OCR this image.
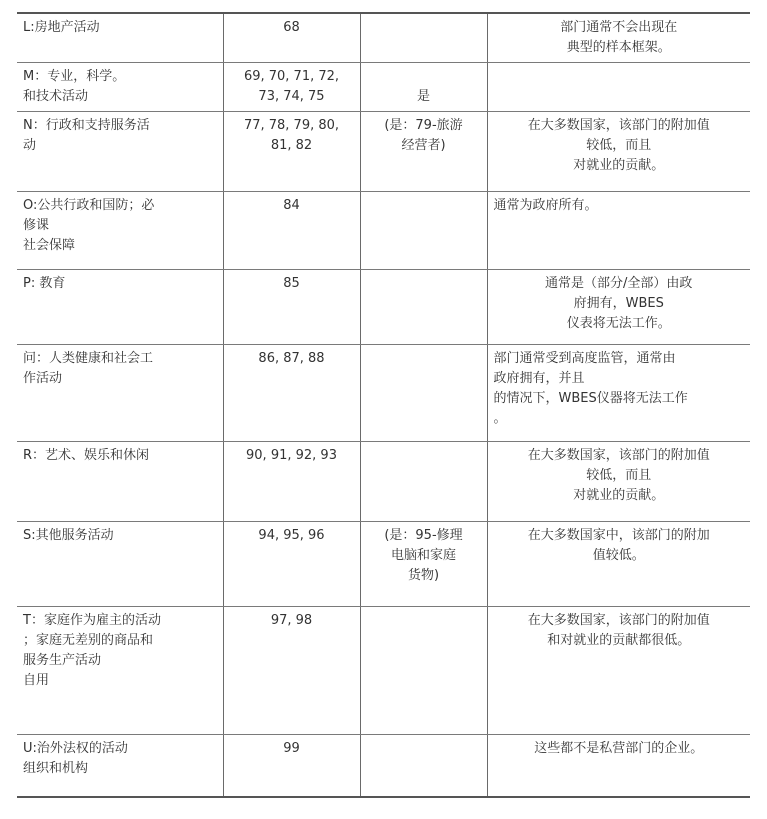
L:房地产活动	68		部门通常不会出现在
典型的样本框架。
M：专业，科学。
和技术活动	69, 70, 71, 72,
73, 74, 75	是	
N：行政和支持服务活
动	77, 78, 79, 80,
81, 82	(是：79-旅游
经营者)	在大多数国家，该部门的附加值
较低，而且
对就业的贡献。
O:公共行政和国防；必
修课
社会保障	84		通常为政府所有。
P: 教育	85		通常是（部分/全部）由政
府拥有，WBES
仪表将无法工作。
问：人类健康和社会工
作活动	86, 87, 88		部门通常受到高度监管，通常由
政府拥有，并且
的情况下，WBES仪器将无法工作
。
R：艺术、娱乐和休闲	90, 91, 92, 93		在大多数国家，该部门的附加值
较低，而且
对就业的贡献。
S:其他服务活动	94, 95, 96	(是：95-修理
电脑和家庭
货物)	在大多数国家中，该部门的附加
值较低。
T：家庭作为雇主的活动
；家庭无差别的商品和
服务生产活动
自用	97, 98		在大多数国家，该部门的附加值
和对就业的贡献都很低。
U:治外法权的活动
组织和机构	99		这些都不是私营部门的企业。
